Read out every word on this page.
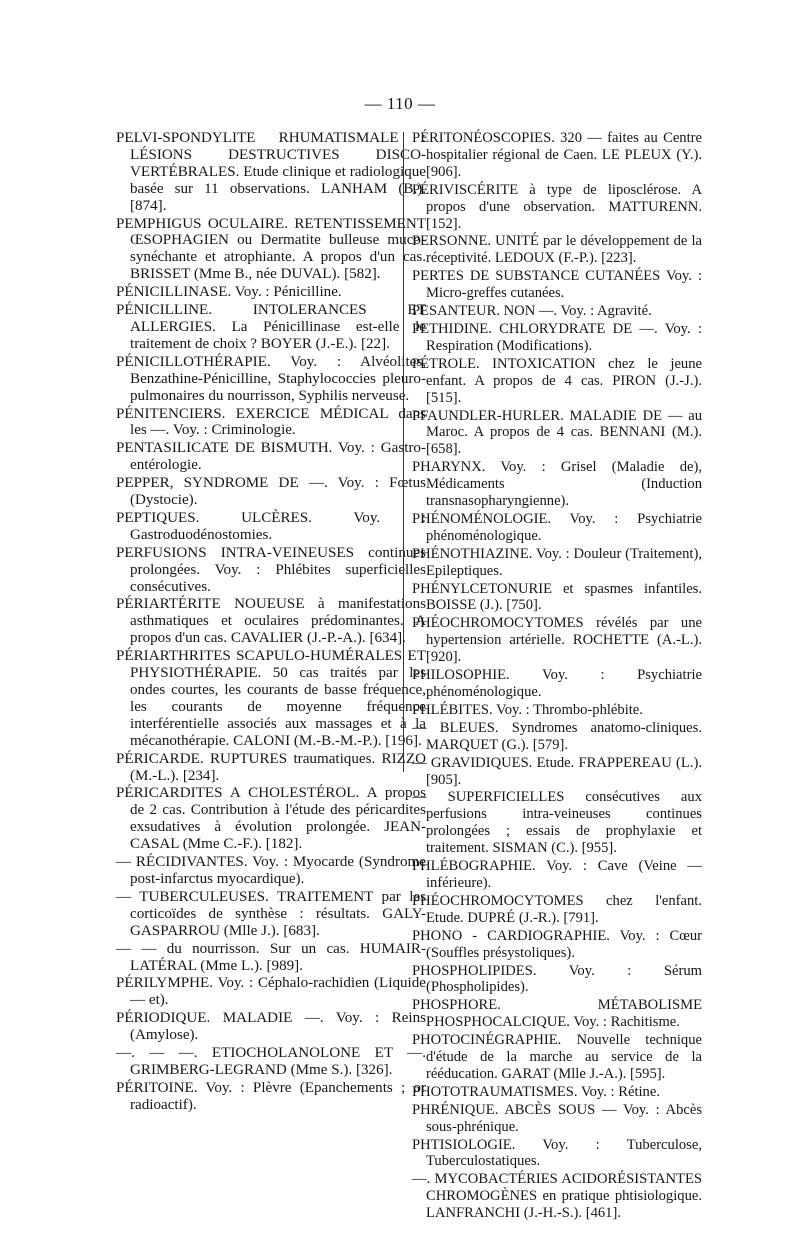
— 110 —

PELVI-SPONDYLITE RHUMATISMALE : LÉSIONS DESTRUCTIVES DISCO-VERTÉBRALES. Etude clinique et radiologique basée sur 11 observations. LANHAM (B.). [874].

PEMPHIGUS OCULAIRE. RETENTISSEMENT ŒSOPHAGIEN ou Dermatite bulleuse muco-synéchante et atrophiante. A propos d'un cas. BRISSET (Mme B., née DUVAL). [582].

PÉNICILLINASE. Voy. : Pénicilline.

PÉNICILLINE. INTOLERANCES ET ALLERGIES. La Pénicillinase est-elle le traitement de choix ? BOYER (J.-E.). [22].

PÉNICILLOTHÉRAPIE. Voy. : Alvéolites, Benzathine-Pénicilline, Staphylococcies pleuro-pulmonaires du nourrisson, Syphilis nerveuse.

PÉNITENCIERS. EXERCICE MÉDICAL dans les —. Voy. : Criminologie.

PENTASILICATE DE BISMUTH. Voy. : Gastro-entérologie.

PEPPER, SYNDROME DE —. Voy. : Fœtus (Dystocie).

PEPTIQUES. ULCÈRES. Voy. : Gastroduodénostomies.

PERFUSIONS INTRA-VEINEUSES continues prolongées. Voy. : Phlébites superficielles consécutives.

PÉRIARTÉRITE NOUEUSE à manifestations asthmatiques et oculaires prédominantes. A propos d'un cas. CAVALIER (J.-P.-A.). [634].

PÉRIARTHRITES SCAPULO-HUMÉRALES ET PHYSIOTHÉRAPIE. 50 cas traités par les ondes courtes, les courants de basse fréquence, les courants de moyenne fréquence interférentielle associés aux massages et à la mécanothérapie. CALONI (M.-B.-M.-P.). [196].

PÉRICARDE. RUPTURES traumatiques. RIZZO (M.-L.). [234].

PÉRICARDITES A CHOLESTÉROL. A propos de 2 cas. Contribution à l'étude des péricardites exsudatives à évolution prolongée. JEAN-CASAL (Mme C.-F.). [182].

— RÉCIDIVANTES. Voy. : Myocarde (Syndrome post-infarctus myocardique).

— TUBERCULEUSES. TRAITEMENT par les corticoïdes de synthèse : résultats. GALY-GASPARROU (Mlle J.). [683].

— — du nourrisson. Sur un cas. HUMAIR-LATÉRAL (Mme L.). [989].

PÉRILYMPHE. Voy. : Céphalo-rachidien (Liquide — et).

PÉRIODIQUE. MALADIE —. Voy. : Reins (Amylose).

—. — —. ETIOCHOLANOLONE ET —. GRIMBERG-LEGRAND (Mme S.). [326].

PÉRITOINE. Voy. : Plèvre (Epanchements ; or radioactif).

PÉRITONÉOSCOPIES. 320 — faites au Centre hospitalier régional de Caen. LE PLEUX (Y.). [906].

PÉRIVISCÉRITE à type de liposclérose. A propos d'une observation. MATTURENN. [152].

PERSONNE. UNITÉ par le développement de la réceptivité. LEDOUX (F.-P.). [223].

PERTES DE SUBSTANCE CUTANÉES Voy. : Micro-greffes cutanées.

PESANTEUR. NON —. Voy. : Agravité.

PETHIDINE. CHLORYDRATE DE —. Voy. : Respiration (Modifications).

PÉTROLE. INTOXICATION chez le jeune enfant. A propos de 4 cas. PIRON (J.-J.). [515].

PFAUNDLER-HURLER. MALADIE DE — au Maroc. A propos de 4 cas. BENNANI (M.). [658].

PHARYNX. Voy. : Grisel (Maladie de), Médicaments (Induction transnasopharyngienne).

PHÉNOMÉNOLOGIE. Voy. : Psychiatrie phénoménologique.

PHÉNOTHIAZINE. Voy. : Douleur (Traitement), Epileptiques.

PHÉNYLCETONURIE et spasmes infantiles. BOISSE (J.). [750].

PHÉOCHROMOCYTOMES révélés par une hypertension artérielle. ROCHETTE (A.-L.). [920].

PHILOSOPHIE. Voy. : Psychiatrie phénoménologique.

PHLÉBITES. Voy. : Thrombo-phlébite.

— BLEUES. Syndromes anatomo-cliniques. MARQUET (G.). [579].

— GRAVIDIQUES. Etude. FRAPPEREAU (L.). [905].

— SUPERFICIELLES consécutives aux perfusions intra-veineuses continues prolongées ; essais de prophylaxie et traitement. SISMAN (C.). [955].

PHLÉBOGRAPHIE. Voy. : Cave (Veine — inférieure).

PHÉOCHROMOCYTOMES chez l'enfant. Etude. DUPRÉ (J.-R.). [791].

PHONO - CARDIOGRAPHIE. Voy. : Cœur (Souffles présystoliques).

PHOSPHOLIPIDES. Voy. : Sérum (Phospholipides).

PHOSPHORE. MÉTABOLISME PHOSPHOCALCIQUE. Voy. : Rachitisme.

PHOTOCINÉGRAPHIE. Nouvelle technique d'étude de la marche au service de la rééducation. GARAT (Mlle J.-A.). [595].

PHOTOTRAUMATISMES. Voy. : Rétine.

PHRÉNIQUE. ABCÈS SOUS — Voy. : Abcès sous-phrénique.

PHTISIOLOGIE. Voy. : Tuberculose, Tuberculostatiques.

—. MYCOBACTÉRIES ACIDORÉSISTANTES CHROMOGÈNES en pratique phtisiologique. LANFRANCHI (J.-H.-S.). [461].
